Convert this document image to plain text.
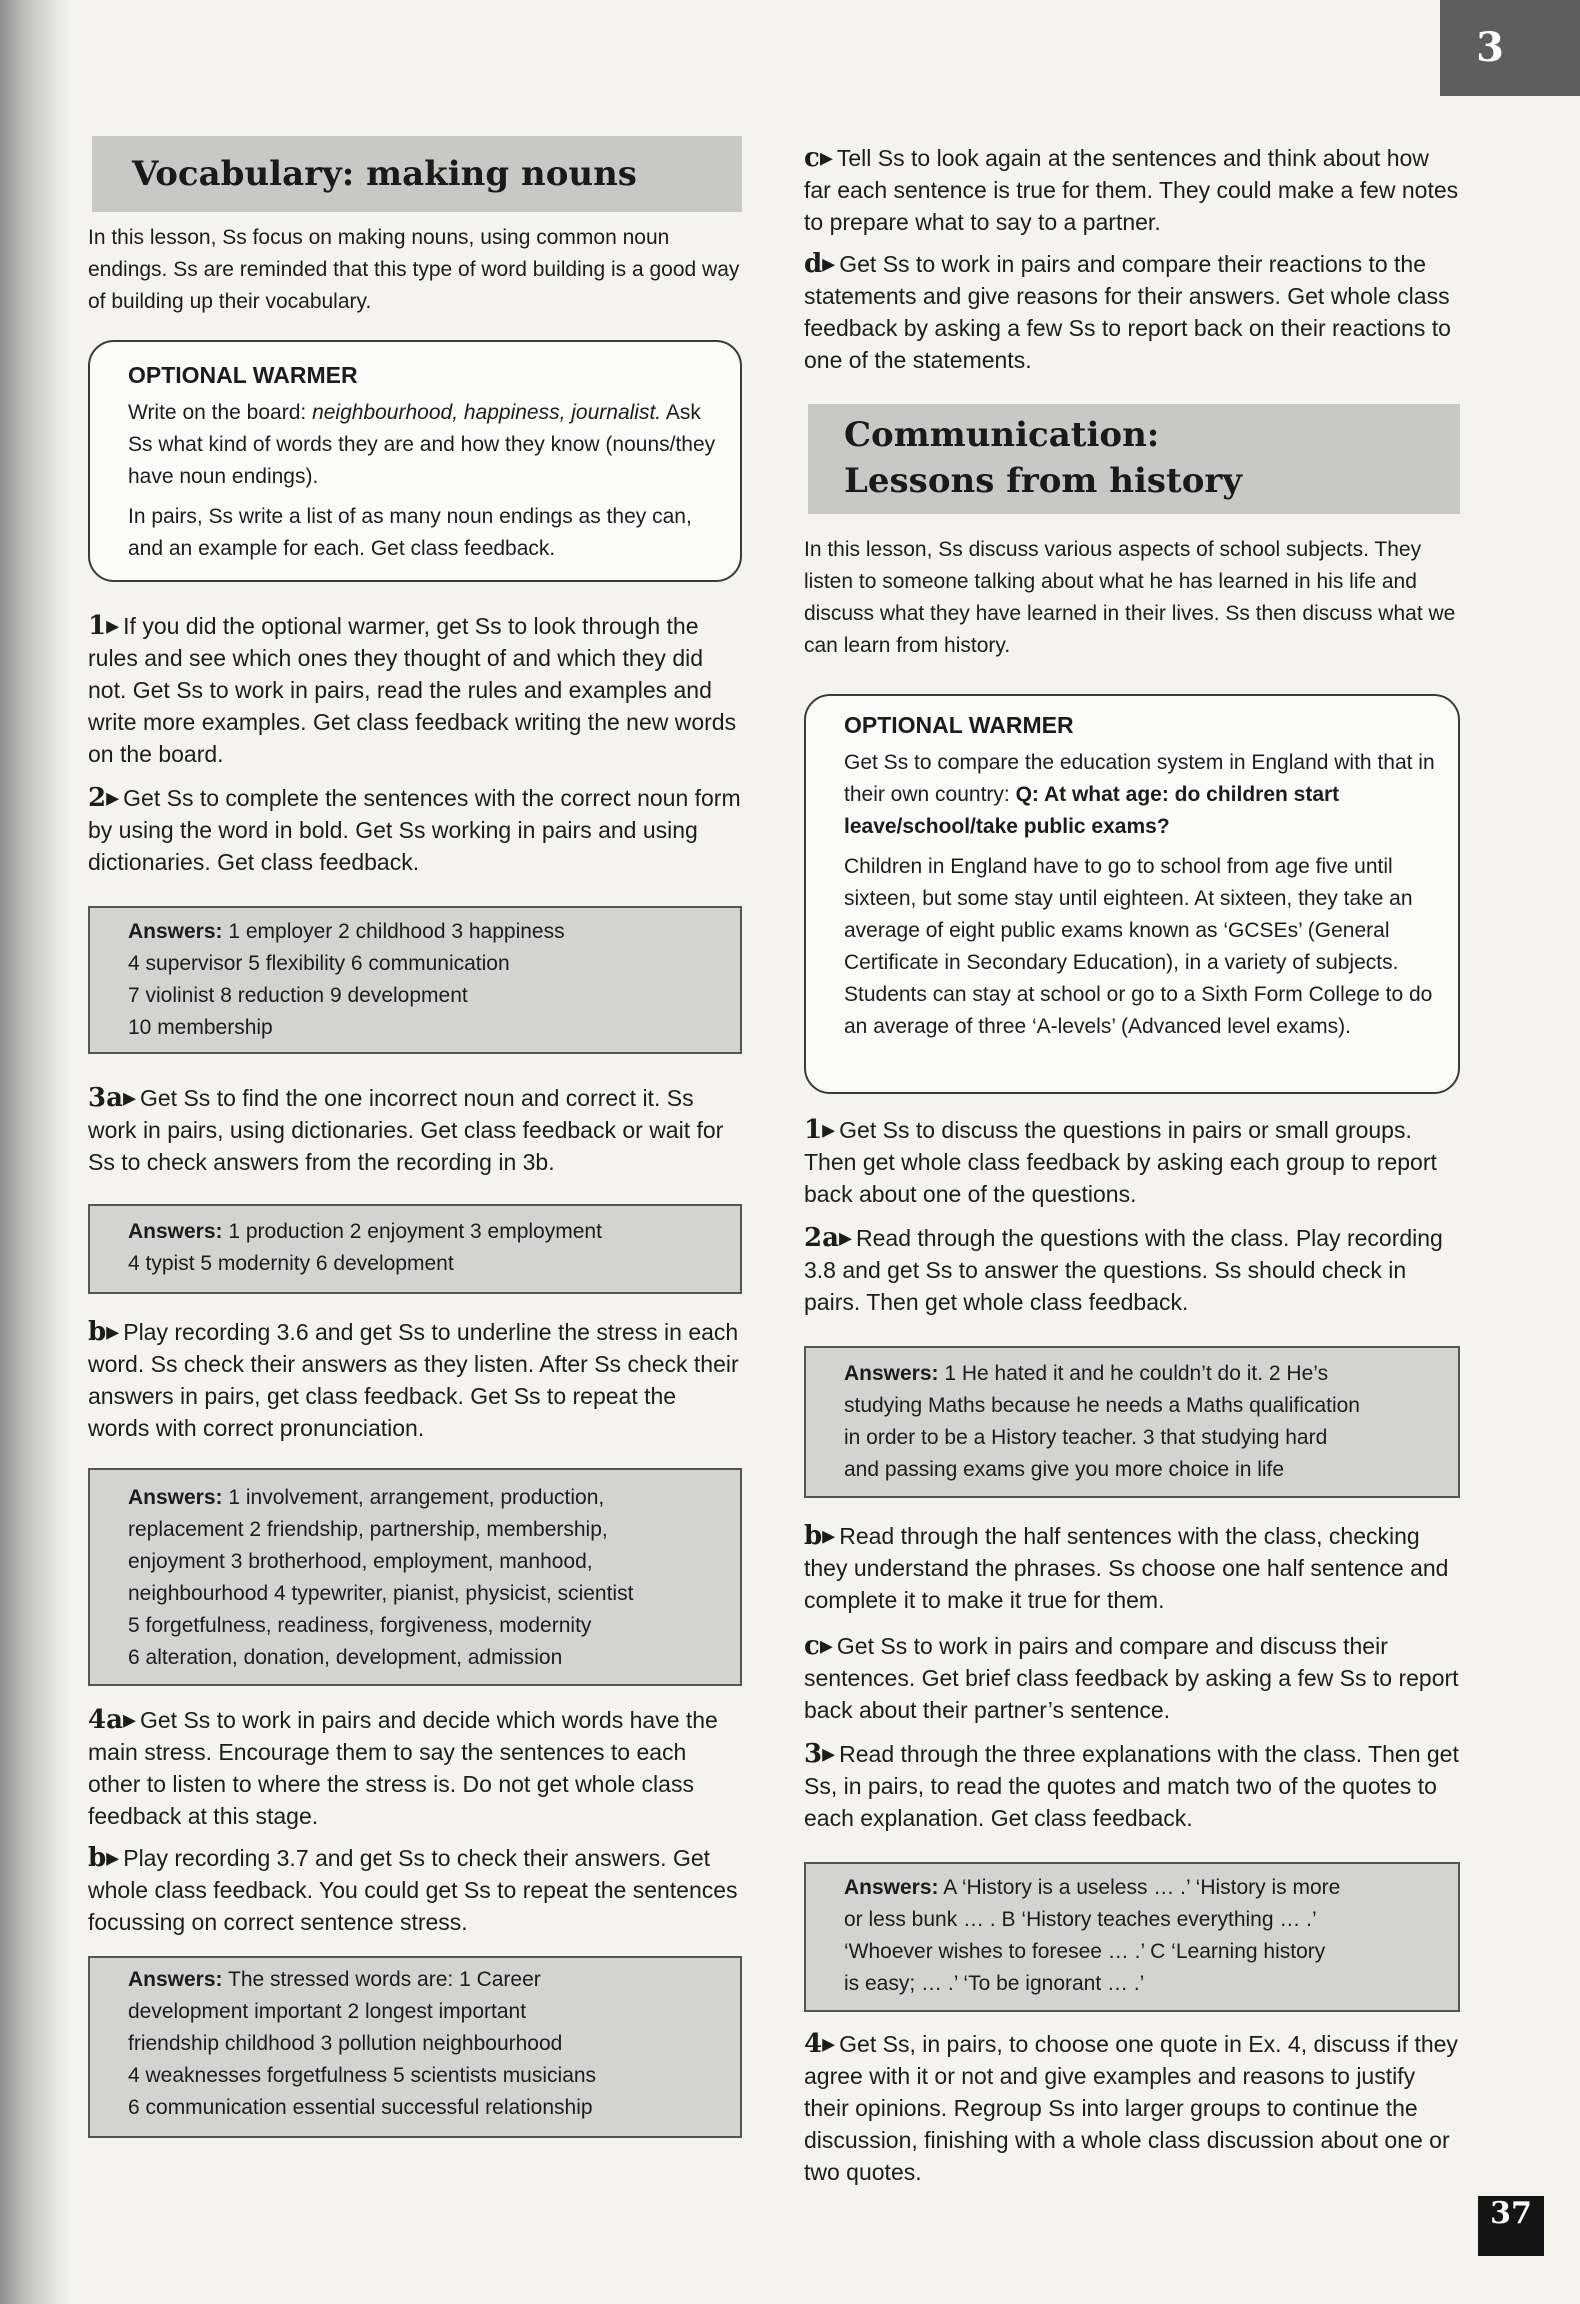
3
Vocabulary: making nouns

In this lesson, Ss focus on making nouns, using common noun endings. Ss are reminded that this type of word building is a good way of building up their vocabulary.

OPTIONAL WARMER

Write on the board: neighbourhood, happiness, journalist. Ask Ss what kind of words they are and how they know (nouns/they have noun endings).

In pairs, Ss write a list of as many noun endings as they can, and an example for each. Get class feedback.

1▸ If you did the optional warmer, get Ss to look through the rules and see which ones they thought of and which they did not. Get Ss to work in pairs, read the rules and examples and write more examples. Get class feedback writing the new words on the board.

2▸ Get Ss to complete the sentences with the correct noun form by using the word in bold. Get Ss working in pairs and using dictionaries. Get class feedback.

Answers: 1 employer 2 childhood 3 happiness
4 supervisor 5 flexibility 6 communication
7 violinist 8 reduction 9 development
10 membership

3a▸ Get Ss to find the one incorrect noun and correct it. Ss work in pairs, using dictionaries. Get class feedback or wait for Ss to check answers from the recording in 3b.

Answers: 1 production 2 enjoyment 3 employment
4 typist 5 modernity 6 development

b▸ Play recording 3.6 and get Ss to underline the stress in each word. Ss check their answers as they listen. After Ss check their answers in pairs, get class feedback. Get Ss to repeat the words with correct pronunciation.

Answers: 1 involvement, arrangement, production,
replacement 2 friendship, partnership, membership,
enjoyment 3 brotherhood, employment, manhood,
neighbourhood 4 typewriter, pianist, physicist, scientist
5 forgetfulness, readiness, forgiveness, modernity
6 alteration, donation, development, admission

4a▸ Get Ss to work in pairs and decide which words have the main stress. Encourage them to say the sentences to each other to listen to where the stress is. Do not get whole class feedback at this stage.

b▸ Play recording 3.7 and get Ss to check their answers. Get whole class feedback. You could get Ss to repeat the sentences focussing on correct sentence stress.

Answers: The stressed words are: 1 Career
development important 2 longest important
friendship childhood 3 pollution neighbourhood
4 weaknesses forgetfulness 5 scientists musicians
6 communication essential successful relationship

c▸ Tell Ss to look again at the sentences and think about how far each sentence is true for them. They could make a few notes to prepare what to say to a partner.

d▸ Get Ss to work in pairs and compare their reactions to the statements and give reasons for their answers. Get whole class feedback by asking a few Ss to report back on their reactions to one of the statements.

Communication:
Lessons from history

In this lesson, Ss discuss various aspects of school subjects. They listen to someone talking about what he has learned in his life and discuss what they have learned in their lives. Ss then discuss what we can learn from history.

OPTIONAL WARMER

Get Ss to compare the education system in England with that in their own country: Q: At what age: do children start leave/school/take public exams?

Children in England have to go to school from age five until sixteen, but some stay until eighteen. At sixteen, they take an average of eight public exams known as ‘GCSEs’ (General Certificate in Secondary Education), in a variety of subjects. Students can stay at school or go to a Sixth Form College to do an average of three ‘A-levels’ (Advanced level exams).

1▸ Get Ss to discuss the questions in pairs or small groups. Then get whole class feedback by asking each group to report back about one of the questions.

2a▸ Read through the questions with the class. Play recording 3.8 and get Ss to answer the questions. Ss should check in pairs. Then get whole class feedback.

Answers: 1 He hated it and he couldn’t do it. 2 He’s
studying Maths because he needs a Maths qualification
in order to be a History teacher. 3 that studying hard
and passing exams give you more choice in life

b▸ Read through the half sentences with the class, checking they understand the phrases. Ss choose one half sentence and complete it to make it true for them.

c▸ Get Ss to work in pairs and compare and discuss their sentences. Get brief class feedback by asking a few Ss to report back about their partner’s sentence.

3▸ Read through the three explanations with the class. Then get Ss, in pairs, to read the quotes and match two of the quotes to each explanation. Get class feedback.

Answers: A ‘History is a useless … .’ ‘History is more
or less bunk … . B ‘History teaches everything … .’
‘Whoever wishes to foresee … .’ C ‘Learning history
is easy; … .’ ‘To be ignorant … .’

4▸ Get Ss, in pairs, to choose one quote in Ex. 4, discuss if they agree with it or not and give examples and reasons to justify their opinions. Regroup Ss into larger groups to continue the discussion, finishing with a whole class discussion about one or two quotes.

37
